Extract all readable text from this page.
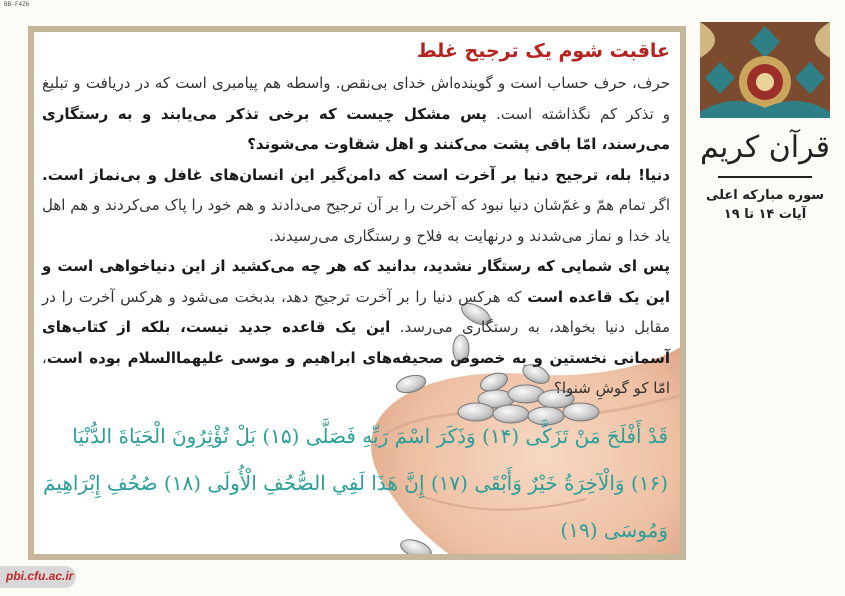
BB-F4Z6
عاقبت شوم یک ترجیح غلط

حرف، حرف حساب است و گوینده‌اش خدای بی‌نقص. واسطه هم پیامبری است که در دریافت و تبلیغ و تذکر کم نگذاشته است. پس مشکل چیست که برخی تذکر می‌یابند و به رستگاری می‌رسند، امّا باقی پشت می‌کنند و اهل شقاوت می‌شوند؟

دنیا! بله، ترجیح دنیا بر آخرت است که دامن‌گیر این انسان‌های غافل و بی‌نماز است. اگر تمام همّ و غمّ‌شان دنیا نبود که آخرت را بر آن ترجیح می‌دادند و هم خود را پاک می‌کردند و هم اهل یاد خدا و نماز می‌شدند و درنهایت به فلاح و رستگاری می‌رسیدند.

پس ای شمایی که رستگار نشدید، بدانید که هر چه می‌کشید از این دنیاخواهی است و این یک قاعده است که هرکس دنیا را بر آخرت ترجیح دهد، بدبخت می‌شود و هرکس آخرت را در مقابل دنیا بخواهد، به رستگاری می‌رسد. این یک قاعده جدید نیست، بلکه از کتاب‌های آسمانی نخستین و به خصوص صحیفه‌های ابراهیم و موسی علیهماالسلام بوده است، امّا کو گوشِ شنوا؟

قَدْ أَفْلَحَ مَنْ تَزَكَّى (۱۴) وَذَكَرَ اسْمَ رَبِّهِ فَصَلَّى (۱۵) بَلْ تُؤْثِرُونَ الْحَيَاةَ الدُّنْيَا (۱۶) وَالْآخِرَةُ خَيْرٌ وَأَبْقَى (۱۷) إِنَّ هَذَا لَفِي الصُّحُفِ الْأُولَى (۱۸) صُحُفِ إِبْرَاهِيمَ وَمُوسَى (۱۹)
قرآن کریم
سوره مبارکه اعلی
آیات ۱۴ تا ۱۹
pbi.cfu.ac.ir
